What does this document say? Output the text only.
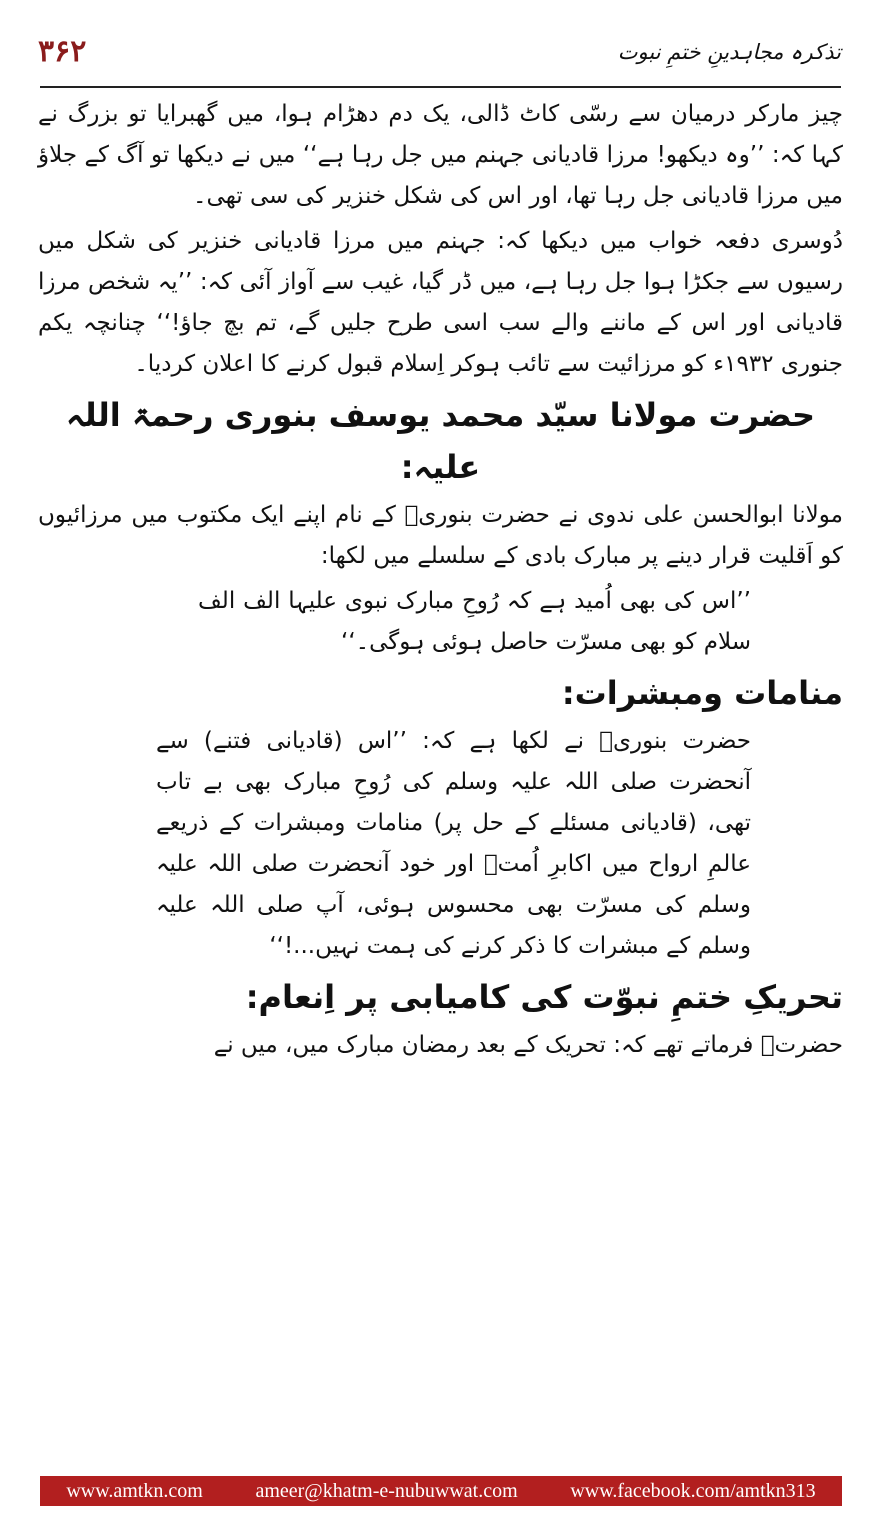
۳۶۲	تذکرہ مجاہدینِ ختمِ نبوت

چیز مارکر درمیان سے رسّی کاٹ ڈالی، یک دم دھڑام ہوا، میں گھبرایا تو بزرگ نے کہا کہ: ’’وہ دیکھو! مرزا قادیانی جہنم میں جل رہا ہے‘‘ میں نے دیکھا تو آگ کے جلاؤ میں مرزا قادیانی جل رہا تھا، اور اس کی شکل خنزیر کی سی تھی۔

دُوسری دفعہ خواب میں دیکھا کہ: جہنم میں مرزا قادیانی خنزیر کی شکل میں رسیوں سے جکڑا ہوا جل رہا ہے، میں ڈر گیا، غیب سے آواز آئی کہ: ’’یہ شخص مرزا قادیانی اور اس کے ماننے والے سب اسی طرح جلیں گے، تم بچ جاؤ!‘‘ چنانچہ یکم جنوری ۱۹۳۲ء کو مرزائیت سے تائب ہوکر اِسلام قبول کرنے کا اعلان کردیا۔

حضرت مولانا سیّد محمد یوسف بنوری رحمۃ اللہ علیہ:

مولانا ابوالحسن علی ندوی نے حضرت بنوریؒ کے نام اپنے ایک مکتوب میں مرزائیوں کو اَقلیت قرار دینے پر مبارک بادی کے سلسلے میں لکھا:

’’اس کی بھی اُمید ہے کہ رُوحِ مبارک نبوی علیہا الف الف سلام کو بھی مسرّت حاصل ہوئی ہوگی۔‘‘

منامات ومبشرات:

حضرت بنوریؒ نے لکھا ہے کہ: ’’اس (قادیانی فتنے) سے آنحضرت صلی اللہ علیہ وسلم کی رُوحِ مبارک بھی بے تاب تھی، (قادیانی مسئلے کے حل پر) منامات ومبشرات کے ذریعے عالمِ ارواح میں اکابرِ اُمتؒ اور خود آنحضرت صلی اللہ علیہ وسلم کی مسرّت بھی محسوس ہوئی، آپ صلی اللہ علیہ وسلم کے مبشرات کا ذکر کرنے کی ہمت نہیں...!‘‘

تحریکِ ختمِ نبوّت کی کامیابی پر اِنعام:

حضرتؒ فرماتے تھے کہ: تحریک کے بعد رمضان مبارک میں، میں نے

www.amtkn.com	ameer@khatm-e-nubuwwat.com	www.facebook.com/amtkn313
